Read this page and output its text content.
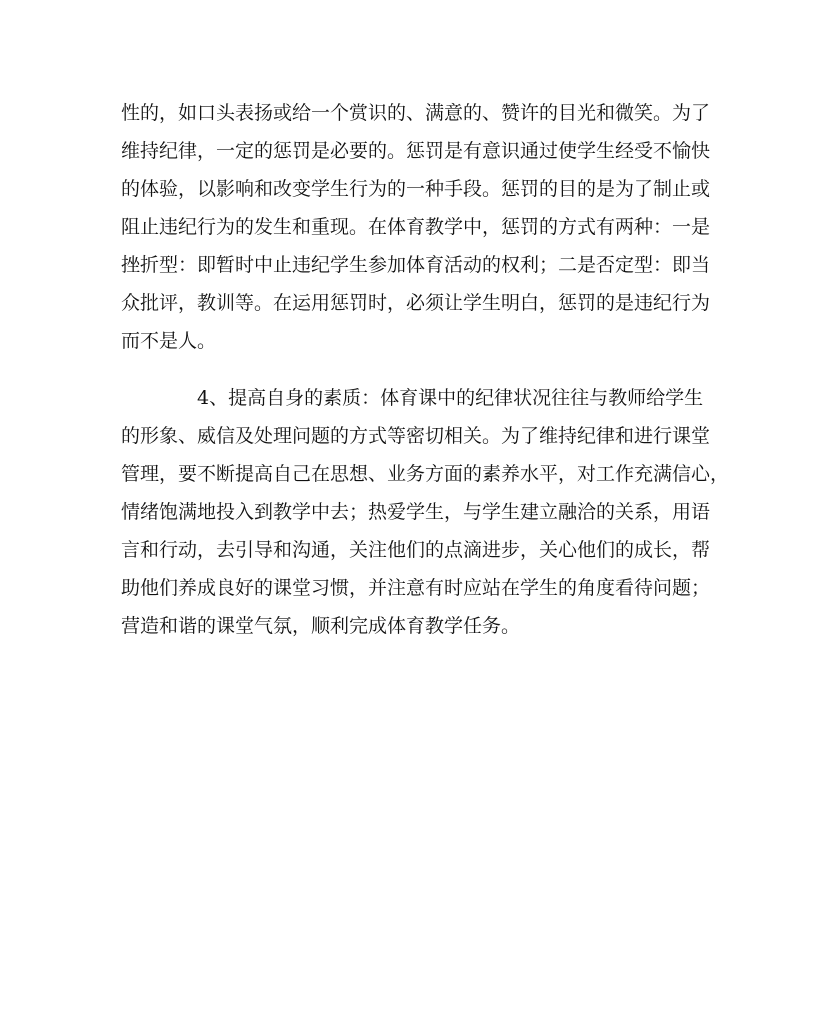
性的，如口头表扬或给一个赏识的、满意的、赞许的目光和微笑。为了
维持纪律，一定的惩罚是必要的。惩罚是有意识通过使学生经受不愉快
的体验，以影响和改变学生行为的一种手段。惩罚的目的是为了制止或
阻止违纪行为的发生和重现。在体育教学中，惩罚的方式有两种：一是
挫折型：即暂时中止违纪学生参加体育活动的权利；二是否定型：即当
众批评，教训等。在运用惩罚时，必须让学生明白，惩罚的是违纪行为
而不是人。
4、提高自身的素质：体育课中的纪律状况往往与教师给学生
的形象、威信及处理问题的方式等密切相关。为了维持纪律和进行课堂
管理，要不断提高自己在思想、业务方面的素养水平，对工作充满信心，
情绪饱满地投入到教学中去；热爱学生，与学生建立融洽的关系，用语
言和行动，去引导和沟通，关注他们的点滴进步，关心他们的成长，帮
助他们养成良好的课堂习惯，并注意有时应站在学生的角度看待问题；
营造和谐的课堂气氛，顺利完成体育教学任务。
